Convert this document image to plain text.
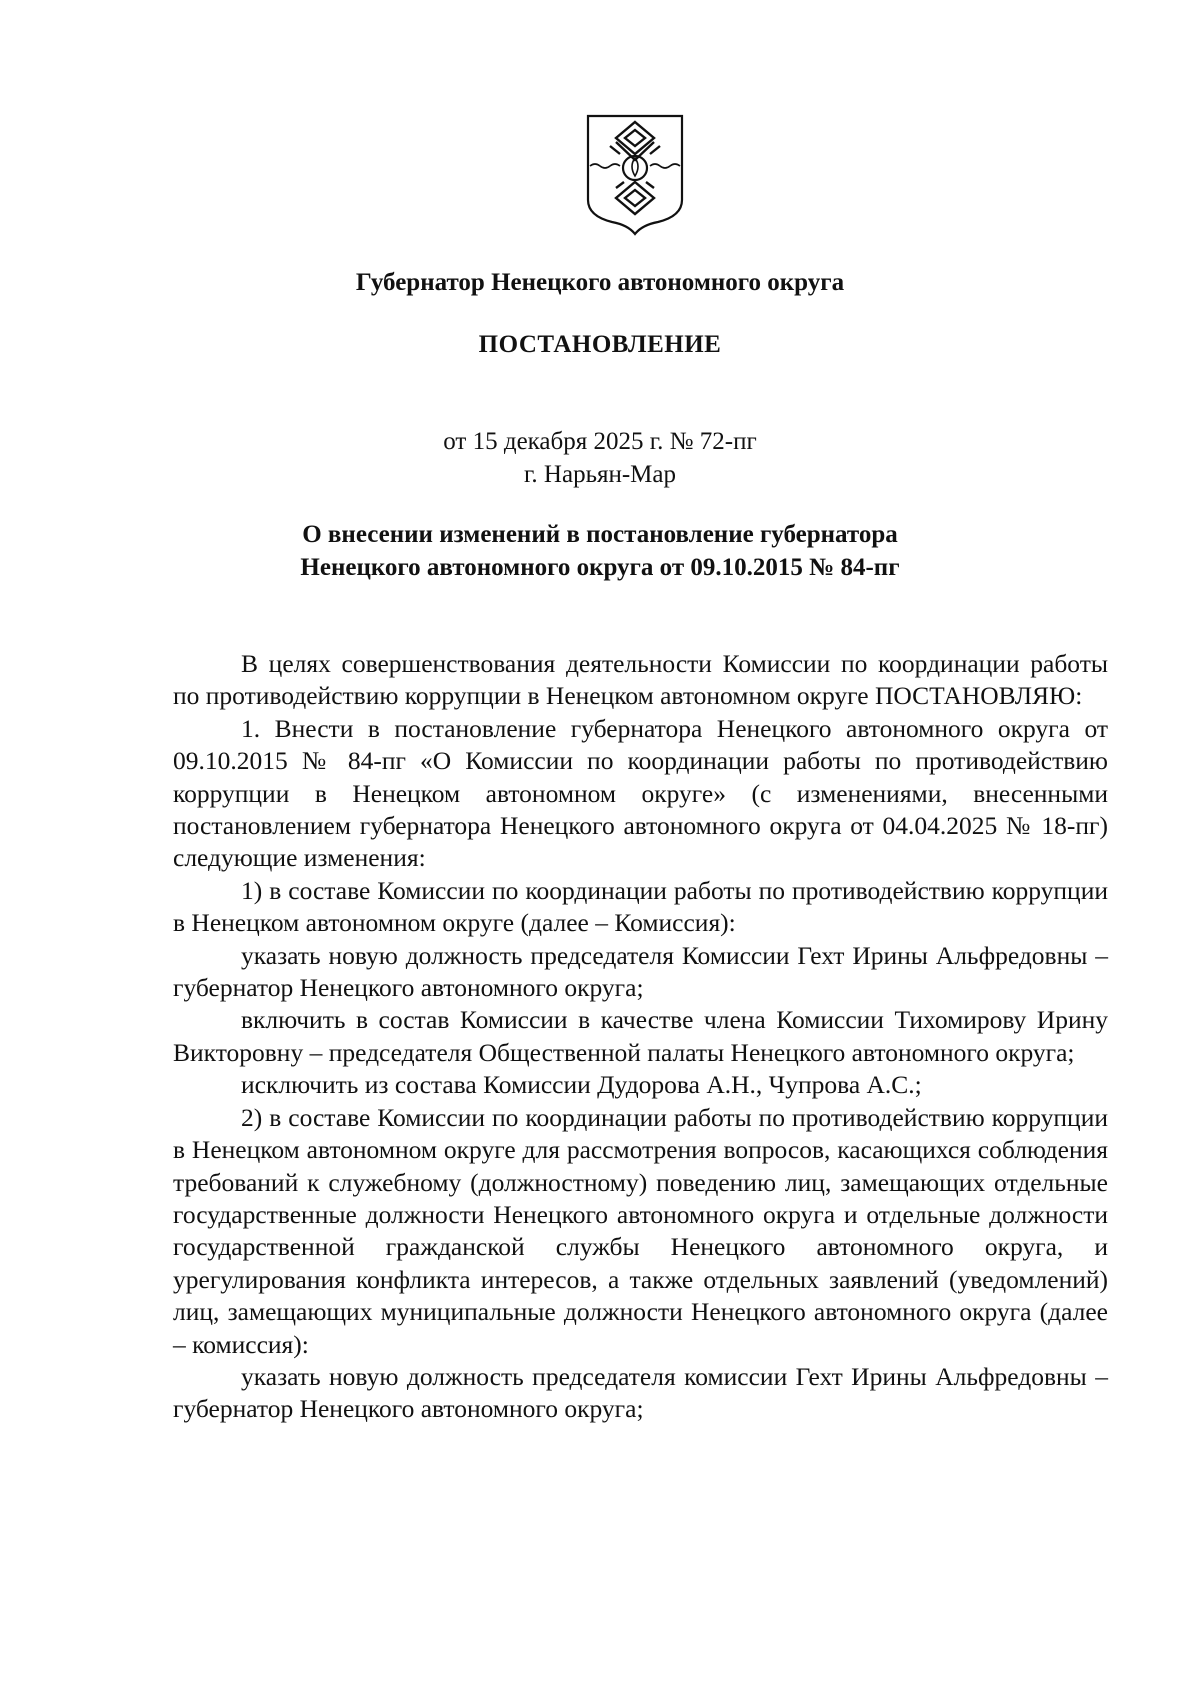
Губернатор Ненецкого автономного округа
ПОСТАНОВЛЕНИЕ
от 15 декабря 2025 г. № 72-пг
г. Нарьян-Мар
О внесении изменений в постановление губернатора
Ненецкого автономного округа от 09.10.2015 № 84-пг

В целях совершенствования деятельности Комиссии по координации работы по противодействию коррупции в Ненецком автономном округе ПОСТАНОВЛЯЮ:

1. Внести в постановление губернатора Ненецкого автономного округа от 09.10.2015 № 84-пг «О Комиссии по координации работы по противодействию коррупции в Ненецком автономном округе» (с изменениями, внесенными постановлением губернатора Ненецкого автономного округа от 04.04.2025 № 18-пг) следующие изменения:

1) в составе Комиссии по координации работы по противодействию коррупции в Ненецком автономном округе (далее – Комиссия):

указать новую должность председателя Комиссии Гехт Ирины Альфредовны – губернатор Ненецкого автономного округа;

включить в состав Комиссии в качестве члена Комиссии Тихомирову Ирину Викторовну – председателя Общественной палаты Ненецкого автономного округа;

исключить из состава Комиссии Дудорова А.Н., Чупрова А.С.;

2) в составе Комиссии по координации работы по противодействию коррупции в Ненецком автономном округе для рассмотрения вопросов, касающихся соблюдения требований к служебному (должностному) поведению лиц, замещающих отдельные государственные должности Ненецкого автономного округа и отдельные должности государственной гражданской службы Ненецкого автономного округа, и урегулирования конфликта интересов, а также отдельных заявлений (уведомлений) лиц, замещающих муниципальные должности Ненецкого автономного округа (далее – комиссия):

указать новую должность председателя комиссии Гехт Ирины Альфредовны – губернатор Ненецкого автономного округа;
